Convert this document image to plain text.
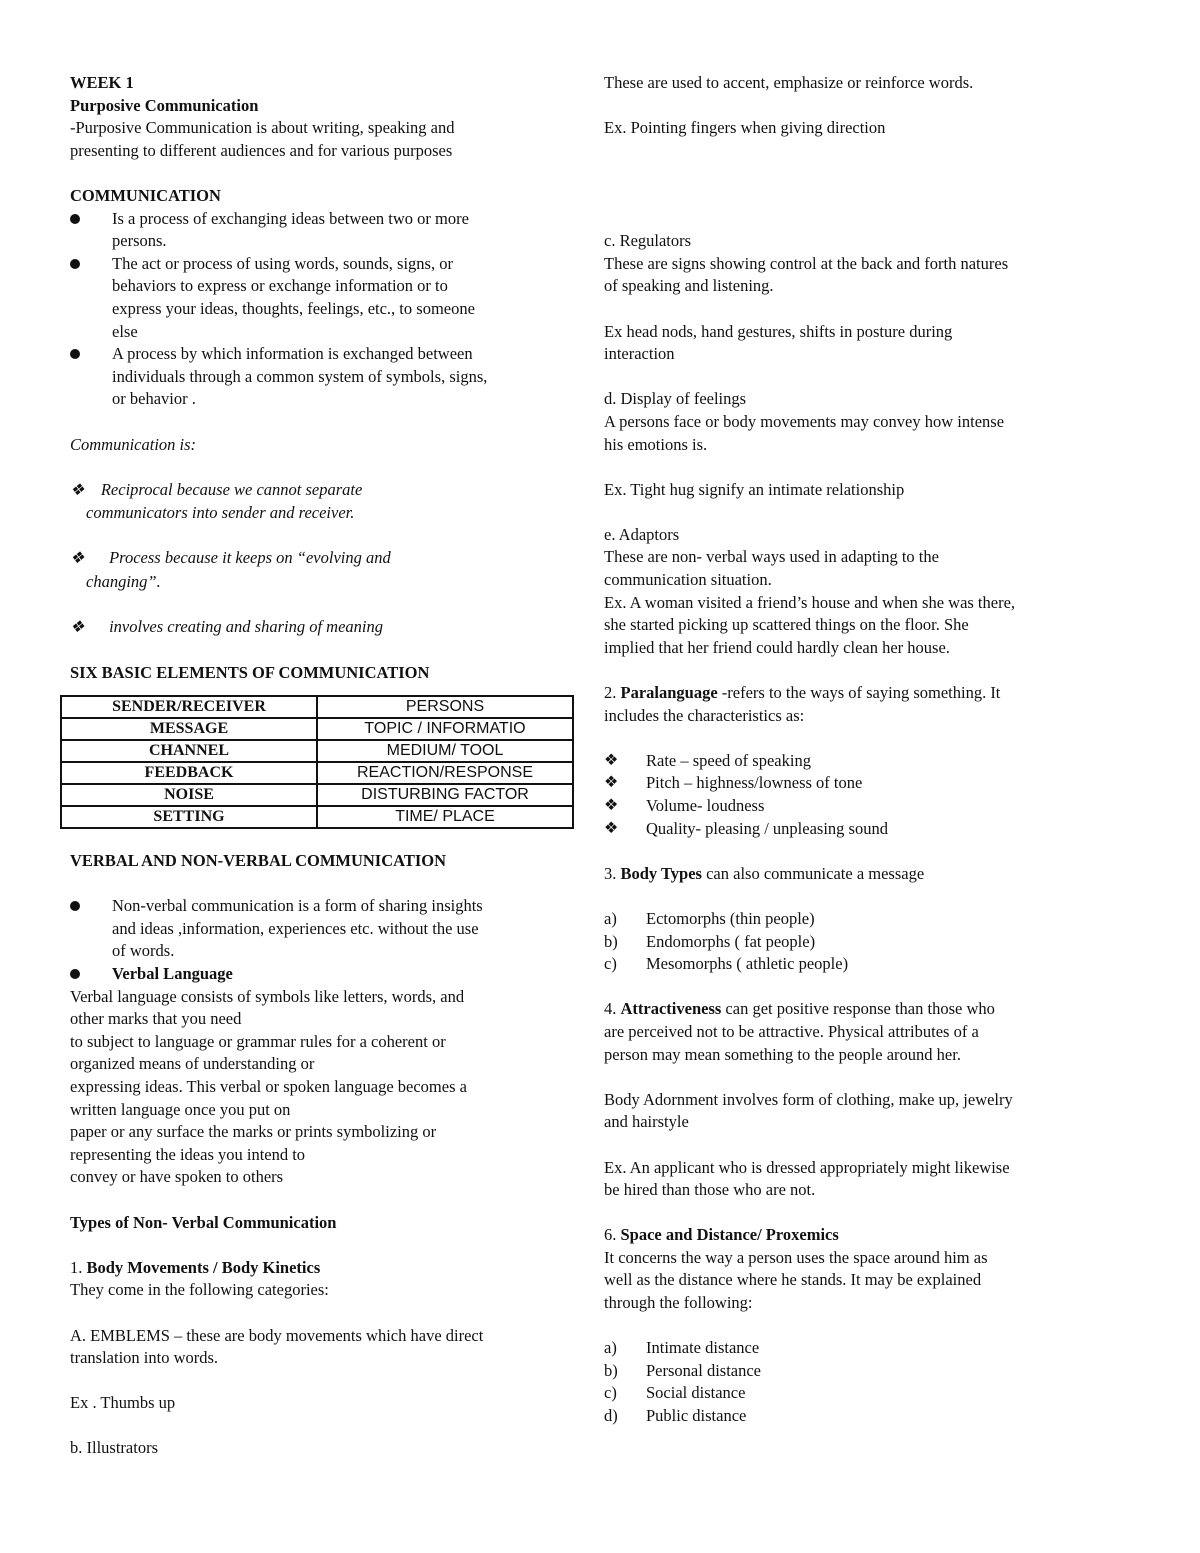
WEEK 1
Purposive Communication
-Purposive Communication is about writing, speaking and
presenting to different audiences and for various purposes
COMMUNICATION
Is a process of exchanging ideas between two or more
persons.
The act or process of using words, sounds, signs, or
behaviors to express or exchange information or to
express your ideas, thoughts, feelings, etc., to someone
else
A process by which information is exchanged between
individuals through a common system of symbols, signs,
or behavior .
Communication is:
❖ Reciprocal because we cannot separate
communicators into sender and receiver.
❖ Process because it keeps on “evolving and
changing”.
❖ involves creating and sharing of meaning
SIX BASIC ELEMENTS OF COMMUNICATION
SENDER/RECEIVER	PERSONS
MESSAGE	TOPIC / INFORMATIO
CHANNEL	MEDIUM/ TOOL
FEEDBACK	REACTION/RESPONSE
NOISE	DISTURBING FACTOR
SETTING	TIME/ PLACE
VERBAL AND NON-VERBAL COMMUNICATION
Non-verbal communication is a form of sharing insights
and ideas ,information, experiences etc. without the use
of words.
Verbal Language
Verbal language consists of symbols like letters, words, and
other marks that you need
to subject to language or grammar rules for a coherent or
organized means of understanding or
expressing ideas. This verbal or spoken language becomes a
written language once you put on
paper or any surface the marks or prints symbolizing or
representing the ideas you intend to
convey or have spoken to others
Types of Non- Verbal Communication
1. Body Movements / Body Kinetics
They come in the following categories:
A. EMBLEMS – these are body movements which have direct
translation into words.
Ex . Thumbs up
b. Illustrators
These are used to accent, emphasize or reinforce words.
Ex. Pointing fingers when giving direction
c. Regulators
These are signs showing control at the back and forth natures
of speaking and listening.
Ex head nods, hand gestures, shifts in posture during
interaction
d. Display of feelings
A persons face or body movements may convey how intense
his emotions is.
Ex. Tight hug signify an intimate relationship
e. Adaptors
These are non- verbal ways used in adapting to the
communication situation.
Ex. A woman visited a friend’s house and when she was there,
she started picking up scattered things on the floor. She
implied that her friend could hardly clean her house.
2. Paralanguage -refers to the ways of saying something. It
includes the characteristics as:
❖	Rate – speed of speaking
❖	Pitch – highness/lowness of tone
❖	Volume- loudness
❖	Quality- pleasing / unpleasing sound
3. Body Types can also communicate a message
a) Ectomorphs (thin people)
b) Endomorphs ( fat people)
c) Mesomorphs ( athletic people)
4. Attractiveness can get positive response than those who
are perceived not to be attractive. Physical attributes of a
person may mean something to the people around her.
Body Adornment involves form of clothing, make up, jewelry
and hairstyle
Ex. An applicant who is dressed appropriately might likewise
be hired than those who are not.
6. Space and Distance/ Proxemics
It concerns the way a person uses the space around him as
well as the distance where he stands. It may be explained
through the following:
a) Intimate distance
b) Personal distance
c) Social distance
d) Public distance
